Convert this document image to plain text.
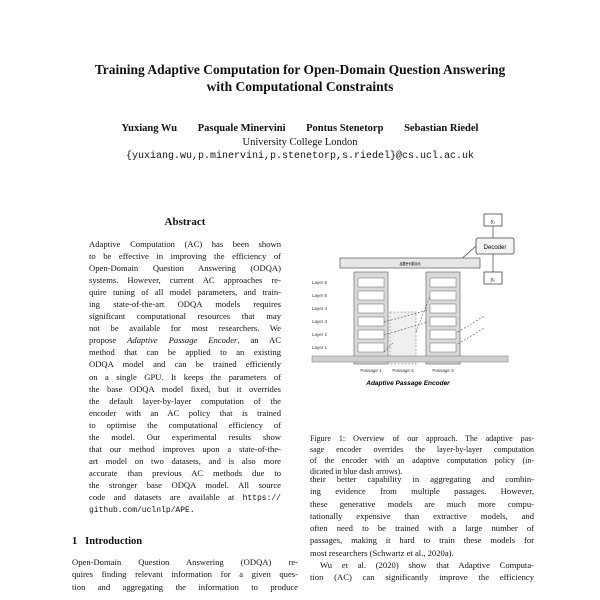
Training Adaptive Computation for Open-Domain Question Answering
with Computational Constraints
Yuxiang Wu Pasquale Minervini Pontus Stenetorp Sebastian Riedel
University College London
{yuxiang.wu,p.minervini,p.stenetorp,s.riedel}@cs.ucl.ac.uk
Abstract
Adaptive Computation (AC) has been shown
to be effective in improving the efficiency of
Open-Domain Question Answering (ODQA)
systems. However, current AC approaches re-
quire tuning of all model parameters, and train-
ing state-of-the-art ODQA models requires
significant computational resources that may
not be available for most researchers. We
propose Adaptive Passage Encoder, an AC
method that can be applied to an existing
ODQA model and can be trained efficiently
on a single GPU. It keeps the parameters of
the base ODQA model fixed, but it overrides
the default layer-by-layer computation of the
encoder with an AC policy that is trained
to optimise the computational efficiency of
the model. Our experimental results show
that our method improves upon a state-of-the-
art model on two datasets, and is also more
accurate than previous AC methods due to
the stronger base ODQA model. All source
code and datasets are available at https://
github.com/uclnlp/APE.
1 Introduction
Open-Domain Question Answering (ODQA) re-
quires finding relevant information for a given ques-
tion and aggregating the information to produce
y₁
Decoder
y₀
attention
Layer 6
Layer 5
Layer 4
Layer 3
Layer 2
Layer 1
Passage 1 Passage 2	Passage 3
Adaptive Passage Encoder
Figure 1: Overview of our approach. The adaptive pas-
sage encoder overrides the layer-by-layer computation
of the encoder with an adaptive computation policy (in-
dicated in blue dash arrows).
their better capability in aggregating and combin-
ing evidence from multiple passages. However,
these generative models are much more compu-
tationally expensive than extractive models, and
often need to be trained with a large number of
passages, making it hard to train these models for
most researchers (Schwartz et al., 2020a).
Wu et al. (2020) show that Adaptive Computa-
tion (AC) can significantly improve the efficiency
